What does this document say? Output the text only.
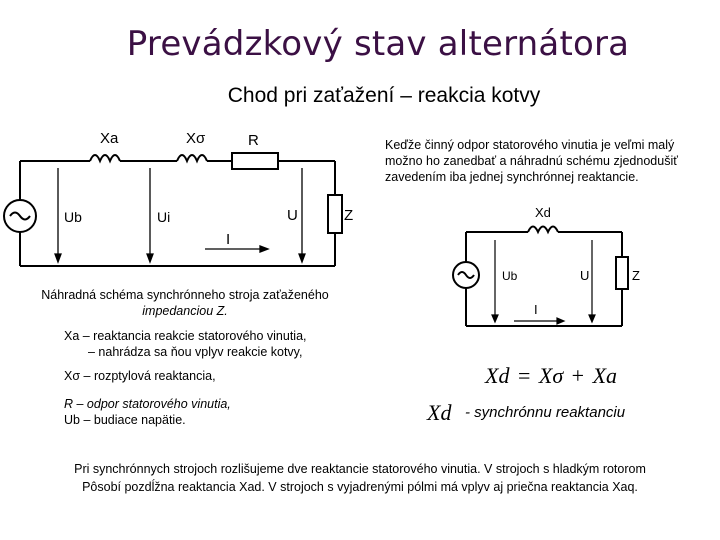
Prevádzkový stav alternátora
Chod pri zaťažení – reakcia kotvy
Xa	Xσ	R
Ub	Ui	U	Z
I
Keďže činný odpor statorového vinutia je veľmi malý
možno ho zanedbať a náhradnú schému zjednodušiť
zavedením iba jednej synchrónnej reaktancie.
Xd
Ub	U	Z
I
Náhradná schéma synchrónneho stroja zaťaženého
impedanciou Z.
Xa – reaktancia reakcie statorového vinutia,
– nahrádza sa ňou vplyv reakcie kotvy,
Xσ – rozptylová reaktancia,
R – odpor statorového vinutia,
Ub – budiace napätie.
Xd = Xσ + Xa
Xd - synchrónnu reaktanciu
Pri synchrónnych strojoch rozlišujeme dve reaktancie statorového vinutia. V strojoch s hladkým rotorom
Pôsobí pozdĺžna reaktancia Xad. V strojoch s vyjadrenými pólmi má vplyv aj priečna reaktancia Xaq.
